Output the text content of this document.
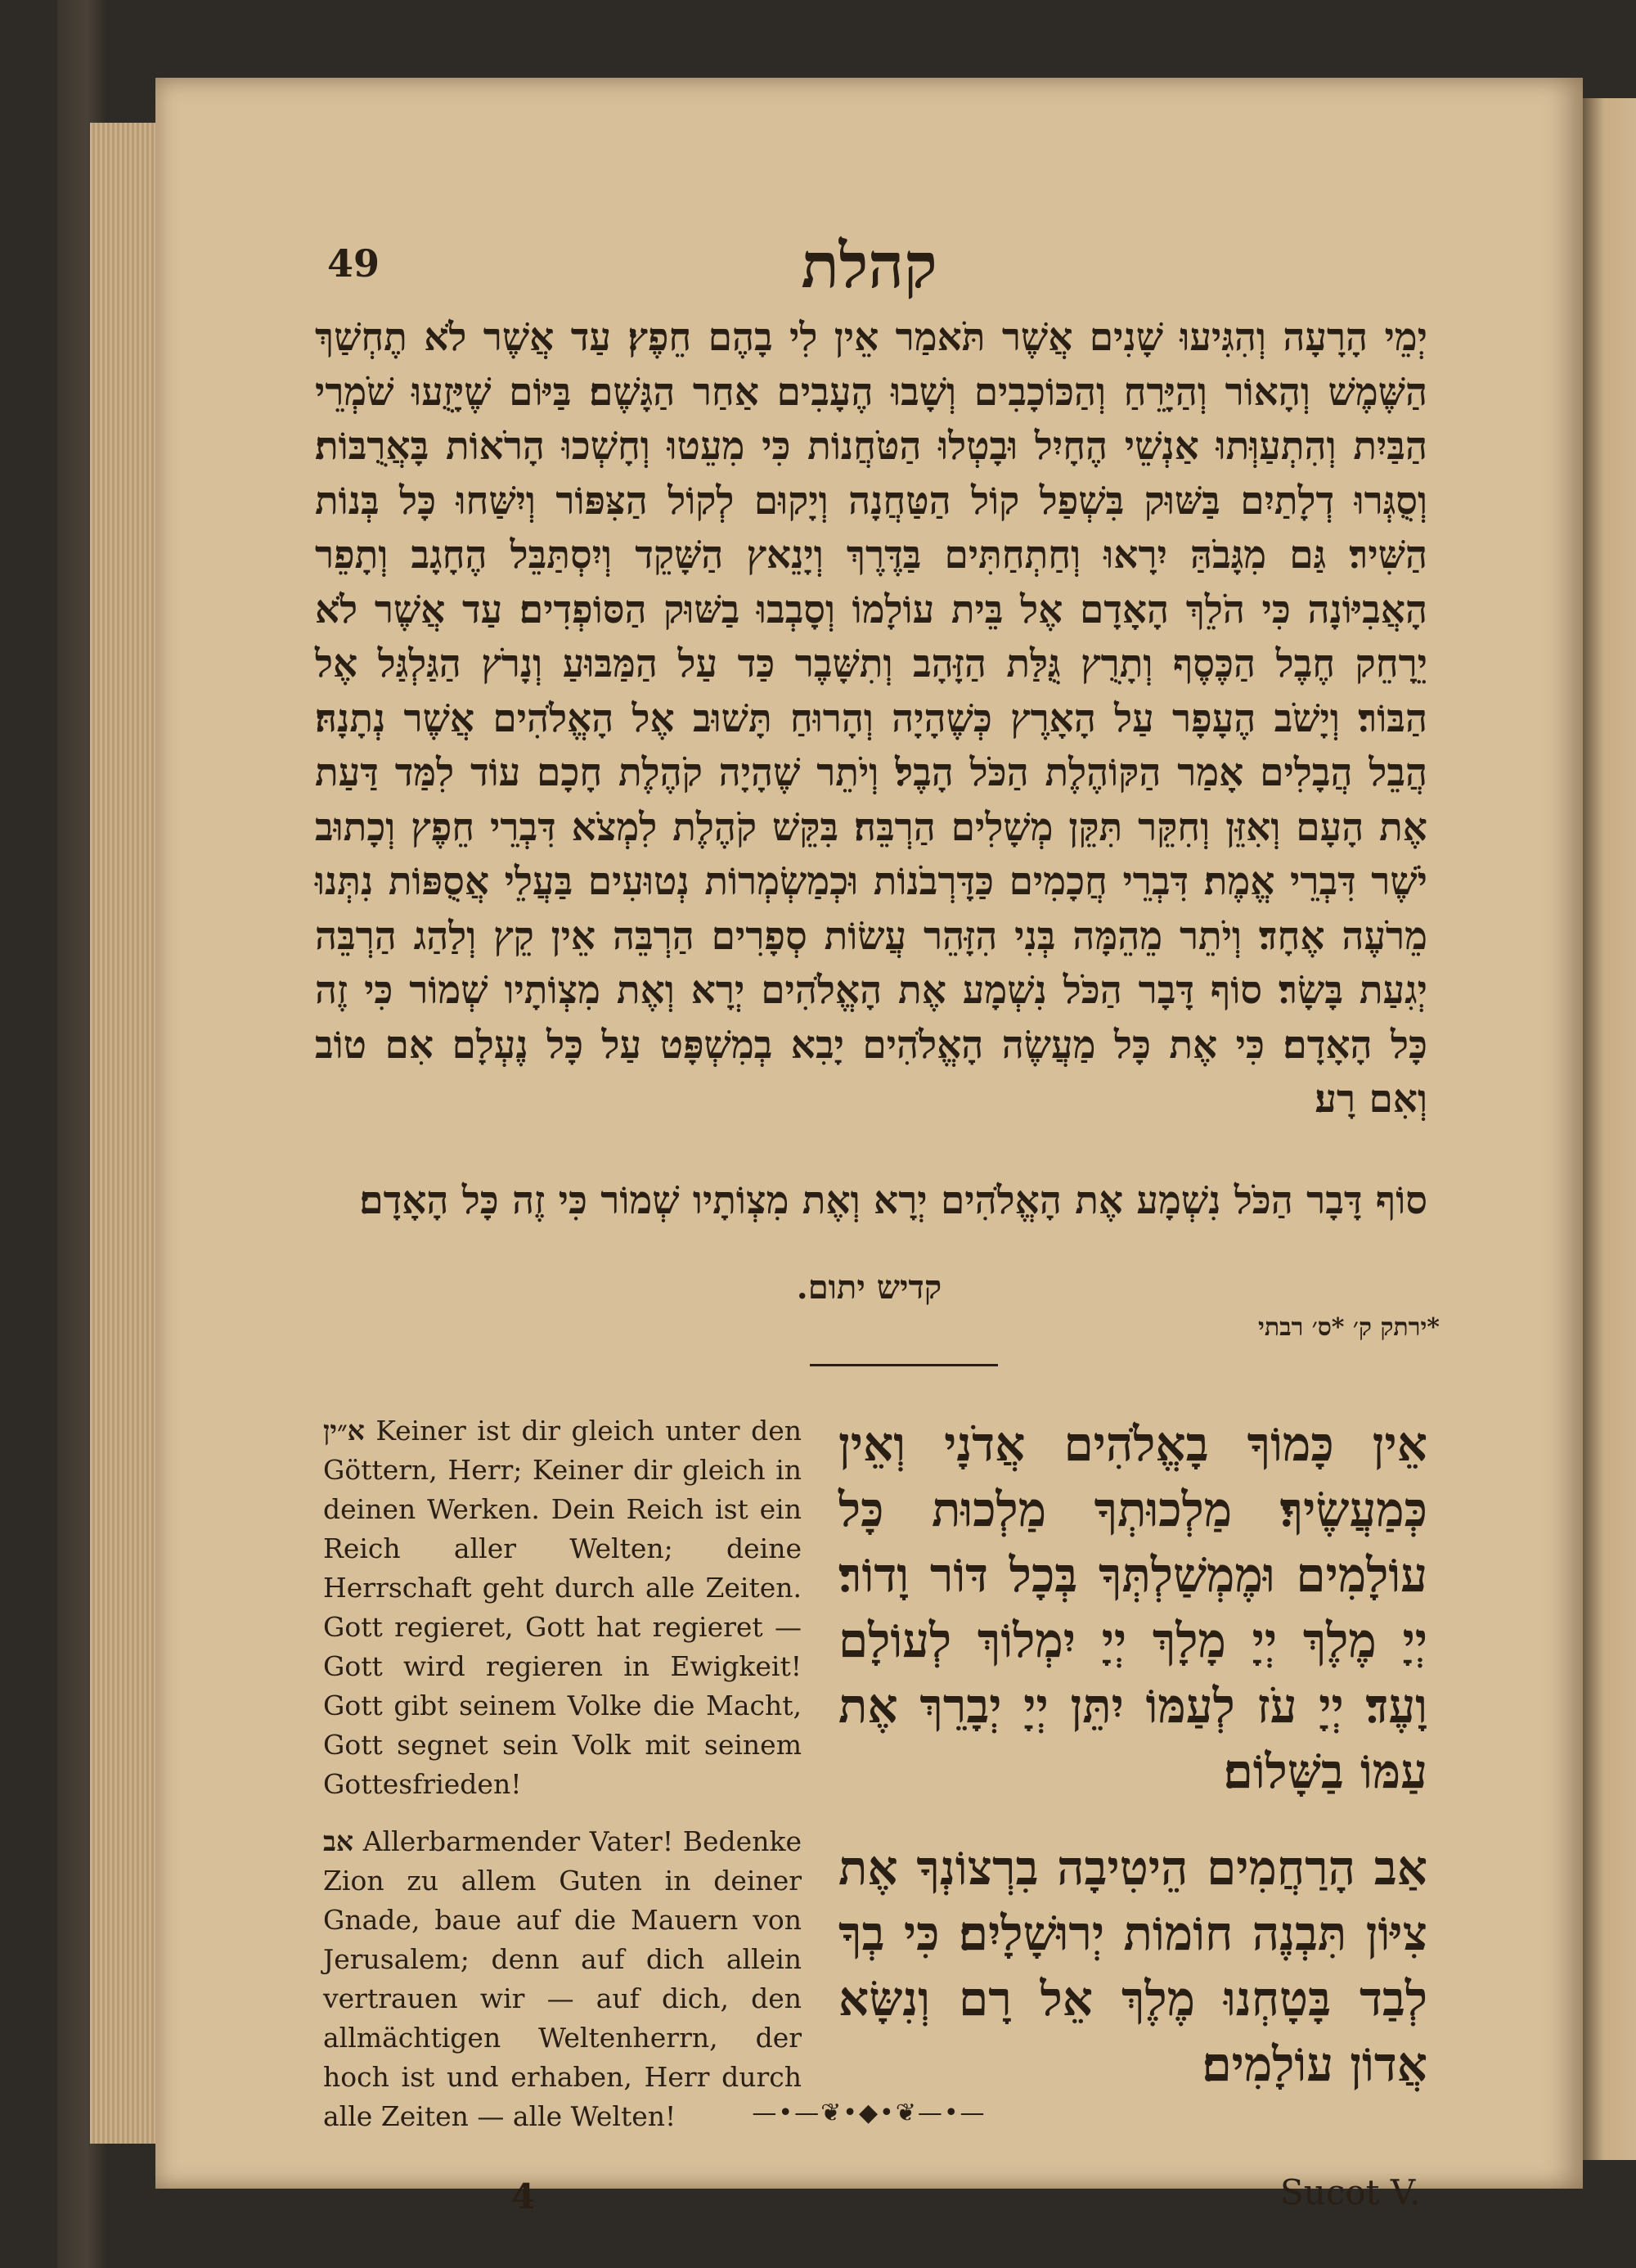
49	קהלת
יְמֵי הָרָעָה וְהִגִּיעוּ שָׁנִים אֲשֶׁר תֹּאמַר אֵין לִי בָהֶם חֵפֶץ׃ עַד אֲשֶׁר לֹא תֶחְשַׁךְ הַשֶּׁמֶשׁ וְהָאוֹר וְהַיָּרֵחַ וְהַכּוֹכָבִים וְשָׁבוּ הֶעָבִים אַחַר הַגָּשֶׁם׃ בַּיּוֹם שֶׁיָּזֻעוּ שֹׁמְרֵי הַבַּיִת וְהִתְעַוְּתוּ אַנְשֵׁי הֶחָיִל וּבָטְלוּ הַטֹּחֲנוֹת כִּי מִעֵטוּ וְחָשְׁכוּ הָרֹאוֹת בָּאֲרֻבּוֹת׃ וְסֻגְּרוּ דְלָתַיִם בַּשּׁוּק בִּשְׁפַל קוֹל הַטַּחֲנָה וְיָקוּם לְקוֹל הַצִּפּוֹר וְיִשַּׁחוּ כָּל בְּנוֹת הַשִּׁיר׃ גַּם מִגָּבֹהַּ יִרָאוּ וְחַתְחַתִּים בַּדֶּרֶךְ וְיָנֵאץ הַשָּׁקֵד וְיִסְתַּבֵּל הֶחָגָב וְתָפֵר הָאֲבִיּוֹנָה כִּי הֹלֵךְ הָאָדָם אֶל בֵּית עוֹלָמוֹ וְסָבְבוּ בַשּׁוּק הַסּוֹפְדִים׃ עַד אֲשֶׁר לֹא יֵרָחֵק חֶבֶל הַכֶּסֶף וְתָרֻץ גֻּלַּת הַזָּהָב וְתִשָּׁבֶר כַּד עַל הַמַּבּוּעַ וְנָרֹץ הַגַּלְגַּל אֶל הַבּוֹר׃ וְיָשֹׁב הֶעָפָר עַל הָאָרֶץ כְּשֶׁהָיָה וְהָרוּחַ תָּשׁוּב אֶל הָאֱלֹהִים אֲשֶׁר נְתָנָהּ׃ הֲבֵל הֲבָלִים אָמַר הַקּוֹהֶלֶת הַכֹּל הָבֶל׃ וְיֹתֵר שֶׁהָיָה קֹהֶלֶת חָכָם עוֹד לִמַּד דַּעַת אֶת הָעָם וְאִזֵּן וְחִקֵּר תִּקֵּן מְשָׁלִים הַרְבֵּה׃ בִּקֵּשׁ קֹהֶלֶת לִמְצֹא דִּבְרֵי חֵפֶץ וְכָתוּב יֹשֶׁר דִּבְרֵי אֱמֶת׃ דִּבְרֵי חֲכָמִים כַּדָּרְבֹנוֹת וּכְמַשְׂמְרוֹת נְטוּעִים בַּעֲלֵי אֲסֻפּוֹת נִתְּנוּ מֵרֹעֶה אֶחָד׃ וְיֹתֵר מֵהֵמָּה בְּנִי הִזָּהֵר עֲשׂוֹת סְפָרִים הַרְבֵּה אֵין קֵץ וְלַהַג הַרְבֵּה יְגִעַת בָּשָׂר׃ סוֹף דָּבָר הַכֹּל נִשְׁמָע אֶת הָאֱלֹהִים יְרָא וְאֶת מִצְוֹתָיו שְׁמוֹר כִּי זֶה כָּל הָאָדָם׃ כִּי אֶת כָּל מַעֲשֶׂה הָאֱלֹהִים יָבִא בְמִשְׁפָּט עַל כָּל נֶעְלָם אִם טוֹב וְאִם רָע׃
סוֹף דָּבָר הַכֹּל נִשְׁמָע אֶת הָאֱלֹהִים יְרָא וְאֶת מִצְוֹתָיו שְׁמוֹר כִּי זֶה כָּל הָאָדָם׃
קדיש יתום.
*ירתק ק׳ *ס׳ רבתי

א״ין Keiner ist dir gleich unter den Göttern, Herr; Keiner dir gleich in deinen Werken. Dein Reich ist ein Reich aller Welten; deine Herrschaft geht durch alle Zeiten. Gott regieret, Gott hat regieret — Gott wird regieren in Ewigkeit! Gott gibt seinem Volke die Macht, Gott segnet sein Volk mit seinem Gottesfrieden!

אב Allerbarmender Vater! Bedenke Zion zu allem Guten in deiner Gnade, baue auf die Mauern von Jerusalem; denn auf dich allein vertrauen wir — auf dich, den allmächtigen Weltenherrn, der hoch ist und erhaben, Herr durch alle Zeiten — alle Welten!

אֵין כָּמוֹךָ בָאֱלֹהִים אֲדֹנָי וְאֵין כְּמַעֲשֶׂיךָ׃ מַלְכוּתְךָ מַלְכוּת כָּל עוֹלָמִים וּמֶמְשַׁלְתְּךָ בְּכָל דּוֹר וָדוֹר׃ יְיָ מֶלֶךְ יְיָ מָלָךְ יְיָ יִמְלוֹךְ לְעוֹלָם וָעֶד׃ יְיָ עֹז לְעַמּוֹ יִתֵּן יְיָ יְבָרֵךְ אֶת עַמּוֹ בַשָּׁלוֹם׃

אַב הָרַחֲמִים הֵיטִיבָה בִרְצוֹנְךָ אֶת צִיּוֹן תִּבְנֶה חוֹמוֹת יְרוּשָׁלָיִם׃ כִּי בְךָ לְבַד בָּטָחְנוּ מֶלֶךְ אֵל רָם וְנִשָּׂא אֲדוֹן עוֹלָמִים׃

—•—❦•◆•❦—•—
4	Sucot V.
